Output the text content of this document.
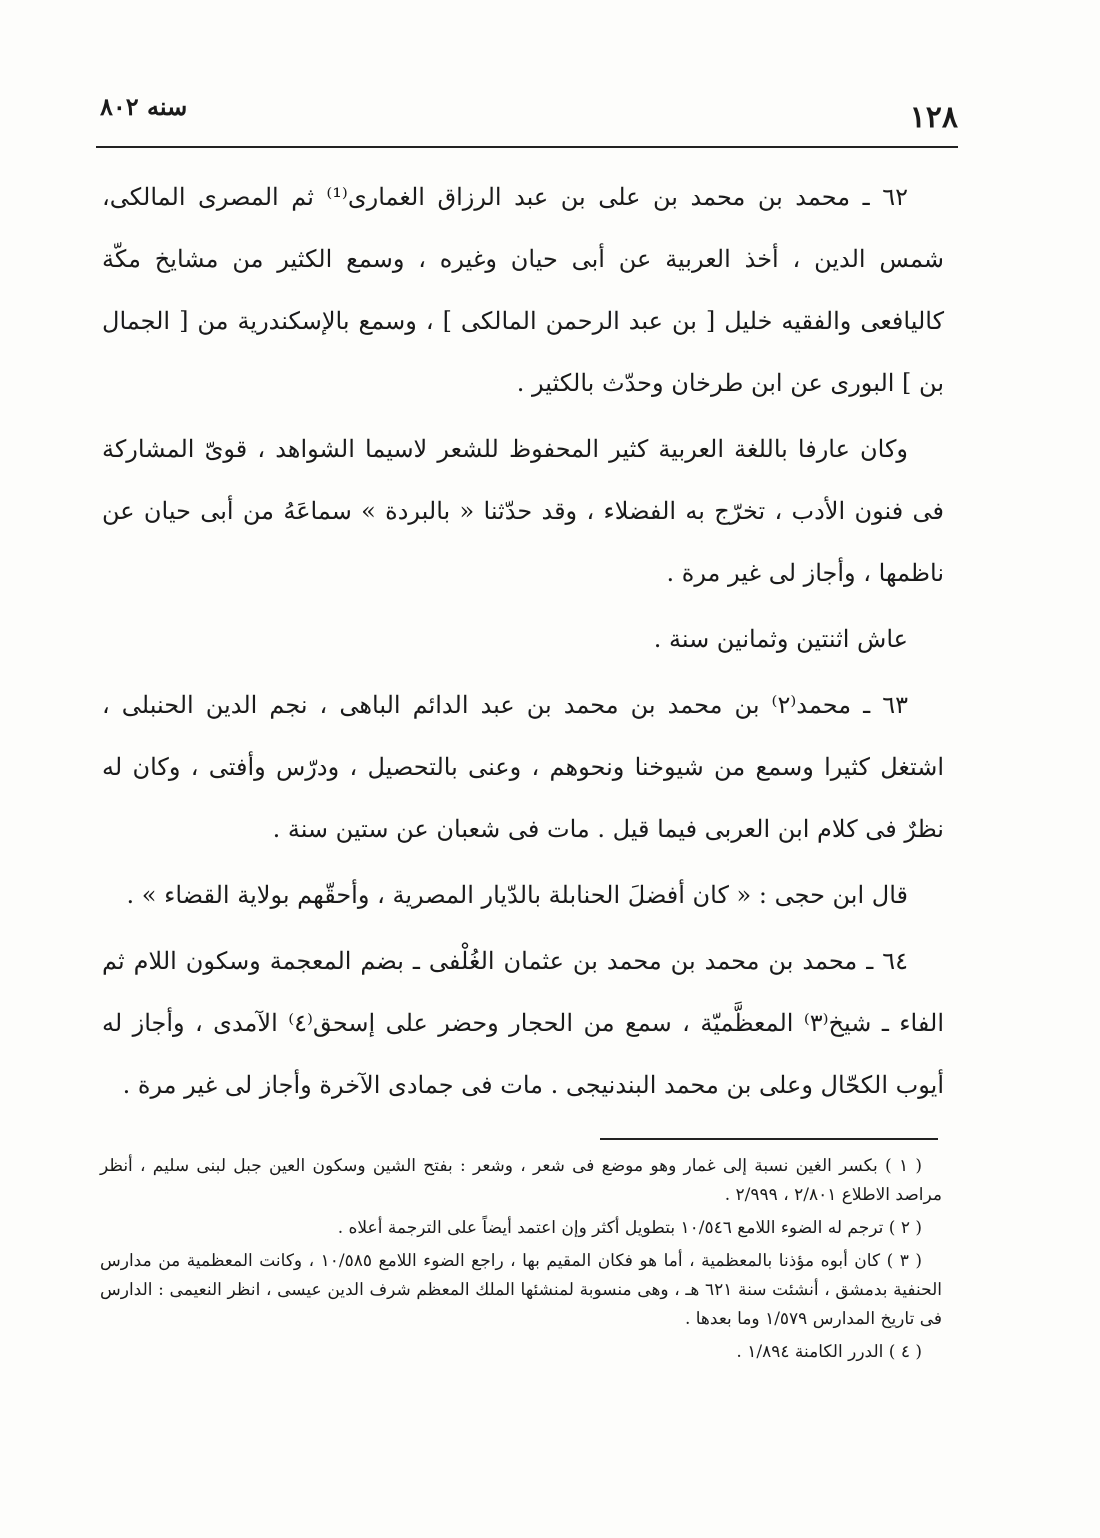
١٢٨
سنه ٨٠٢

٦٢ ـ محمد بن محمد بن على بن عبد الرزاق الغمارى⁽¹⁾ ثم المصرى المالكى، شمس الدين ، أخذ العربية عن أبى حيان وغيره ، وسمع الكثير من مشايخ مكّة كاليافعى والفقيه خليل [ بن عبد الرحمن المالكى ] ، وسمع بالإسكندرية من [ الجمال بن ] البورى عن ابن طرخان وحدّث بالكثير .

وكان عارفا باللغة العربية كثير المحفوظ للشعر لاسيما الشواهد ، قوىّ المشاركة فى فنون الأدب ، تخرّج به الفضلاء ، وقد حدّثنا « بالبردة » سماعَهُ من أبى حيان عن ناظمها ، وأجاز لى غير مرة .

عاش اثنتين وثمانين سنة .

٦٣ ـ محمد⁽٢⁾ بن محمد بن محمد بن عبد الدائم الباهى ، نجم الدين الحنبلى ، اشتغل كثيرا وسمع من شيوخنا ونحوهم ، وعنى بالتحصيل ، ودرّس وأفتى ، وكان له نظرٌ فى كلام ابن العربى فيما قيل . مات فى شعبان عن ستين سنة .

قال ابن حجى : « كان أفضلَ الحنابلة بالدّيار المصرية ، وأحقّهم بولاية القضاء » .

٦٤ ـ محمد بن محمد بن محمد بن عثمان الغُلْفى ـ بضم المعجمة وسكون اللام ثم الفاء ـ شيخ⁽٣⁾ المعظَّميّة ، سمع من الحجار وحضر على إسحق⁽٤⁾ الآمدى ، وأجاز له أيوب الكحّال وعلى بن محمد البندنيجى . مات فى جمادى الآخرة وأجاز لى غير مرة .

( ١ ) بكسر الغين نسبة إلى غمار وهو موضع فى شعر ، وشعر : بفتح الشين وسكون العين جبل لبنى سليم ، أنظر مراصد الاطلاع ٢/٨٠١ ، ٢/٩٩٩ .

( ٢ ) ترجم له الضوء اللامع ١٠/٥٤٦ بتطويل أكثر وإن اعتمد أيضاً على الترجمة أعلاه .

( ٣ ) كان أبوه مؤذنا بالمعظمية ، أما هو فكان المقيم بها ، راجع الضوء اللامع ١٠/٥٨٥ ، وكانت المعظمية من مدارس الحنفية بدمشق ، أنشئت سنة ٦٢١ هـ ، وهى منسوبة لمنشئها الملك المعظم شرف الدين عيسى ، انظر النعيمى : الدارس فى تاريخ المدارس ١/٥٧٩ وما بعدها .

( ٤ ) الدرر الكامنة ١/٨٩٤ .
